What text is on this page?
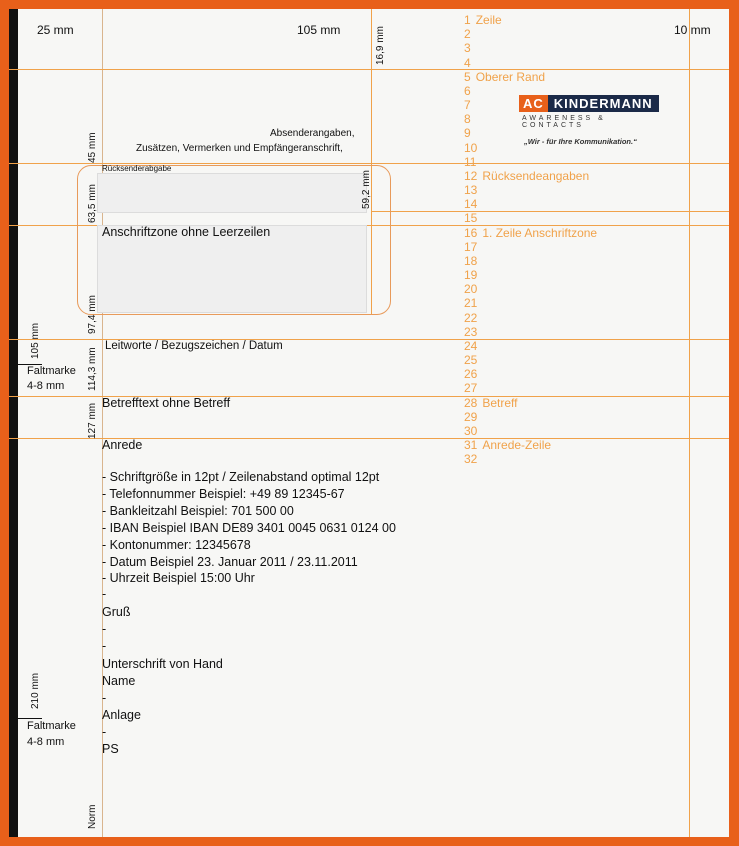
25 mm	105 mm	10 mm
16,9 mm
Absenderangaben,
Zusätzen, Vermerken und Empfängeranschrift,
Rücksenderabgabe
Anschriftzone ohne Leerzeilen
45 mm
63,5 mm	59,2 mm
97,4 mm
105 mm
114,3 mm
127 mm
210 mm
Norm
Faltmarke
4-8 mm
Faltmarke
4-8 mm
AC KINDERMANN
AWARENESS & CONTACTS
„Wir - für Ihre Kommunikation.“
1 Zeile
2
3
4
5 Oberer Rand
6
7
8
9
10
11
12 Rücksendeangaben
13
14
15
16 1. Zeile Anschriftzone
17
18
19
20
21
22
23
24
25
26
27
28 Betreff
29
30
31 Anrede-Zeile
32
Leitworte / Bezugszeichen / Datum
Betrefftext ohne Betreff
Anrede
- Schriftgröße in 12pt / Zeilenabstand optimal 12pt
- Telefonnummer Beispiel: +49 89 12345-67
- Bankleitzahl Beispiel: 701 500 00
- IBAN Beispiel IBAN DE89 3401 0045 0631 0124 00
- Kontonummer: 12345678
- Datum Beispiel 23. Januar 2011 / 23.11.2011
- Uhrzeit Beispiel 15:00 Uhr
-
Gruß
-
-
Unterschrift von Hand
Name
-
Anlage
-
PS
